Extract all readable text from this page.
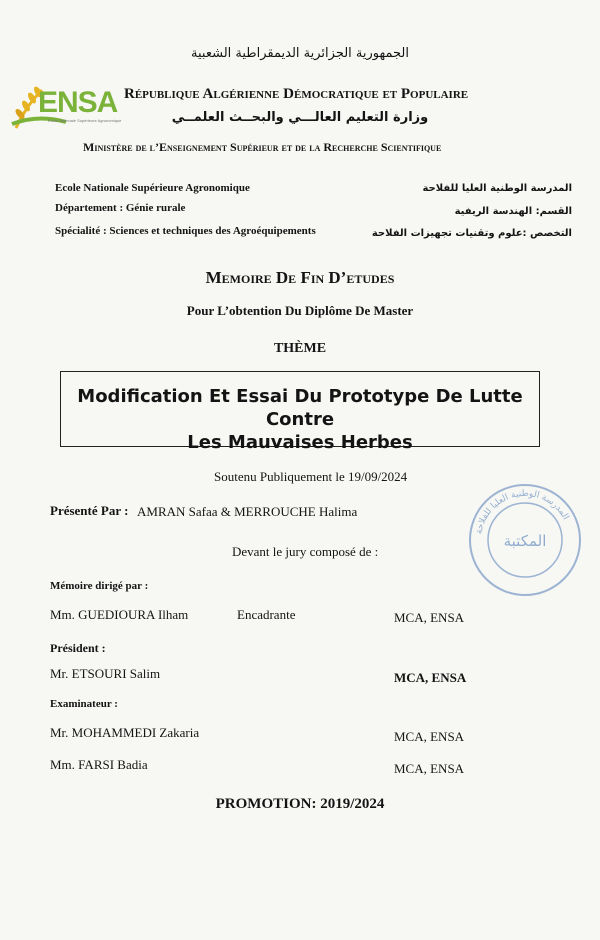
ENSA
Ecole Nationale Supérieure Agronomique
الجمهورية الجزائرية الديمقراطية الشعبية
République Algérienne Démocratique et Populaire
وزارة التعليم العالـــي والبحــث العلمــي
Ministère de l’Enseignement Supérieur et de la Recherche Scientifique
Ecole Nationale Supérieure Agronomique
Département : Génie rurale
Spécialité : Sciences et techniques des Agroéquipements
المدرسة الوطنية العليا للفلاحة
القسم: الهندسة الريفية
التخصص :علوم وتقنيات تجهيزات الفلاحة
Memoire De Fin D’etudes
Pour L’obtention Du Diplôme De Master
THÈME
Modification Et Essai Du Prototype De Lutte Contre
Les Mauvaises Herbes
Soutenu Publiquement le 19/09/2024
Présenté Par : AMRAN Safaa & MERROUCHE Halima
Devant le jury composé de :
المدرسة الوطنية العليا للفلاحة
المكتبة
Mémoire dirigé par :
Mm. GUEDIOURA Ilham	Encadrante	MCA, ENSA
Président :
Mr. ETSOURI Salim	MCA, ENSA
Examinateur :
Mr. MOHAMMEDI Zakaria	MCA, ENSA
Mm. FARSI Badia	MCA, ENSA
PROMOTION: 2019/2024
